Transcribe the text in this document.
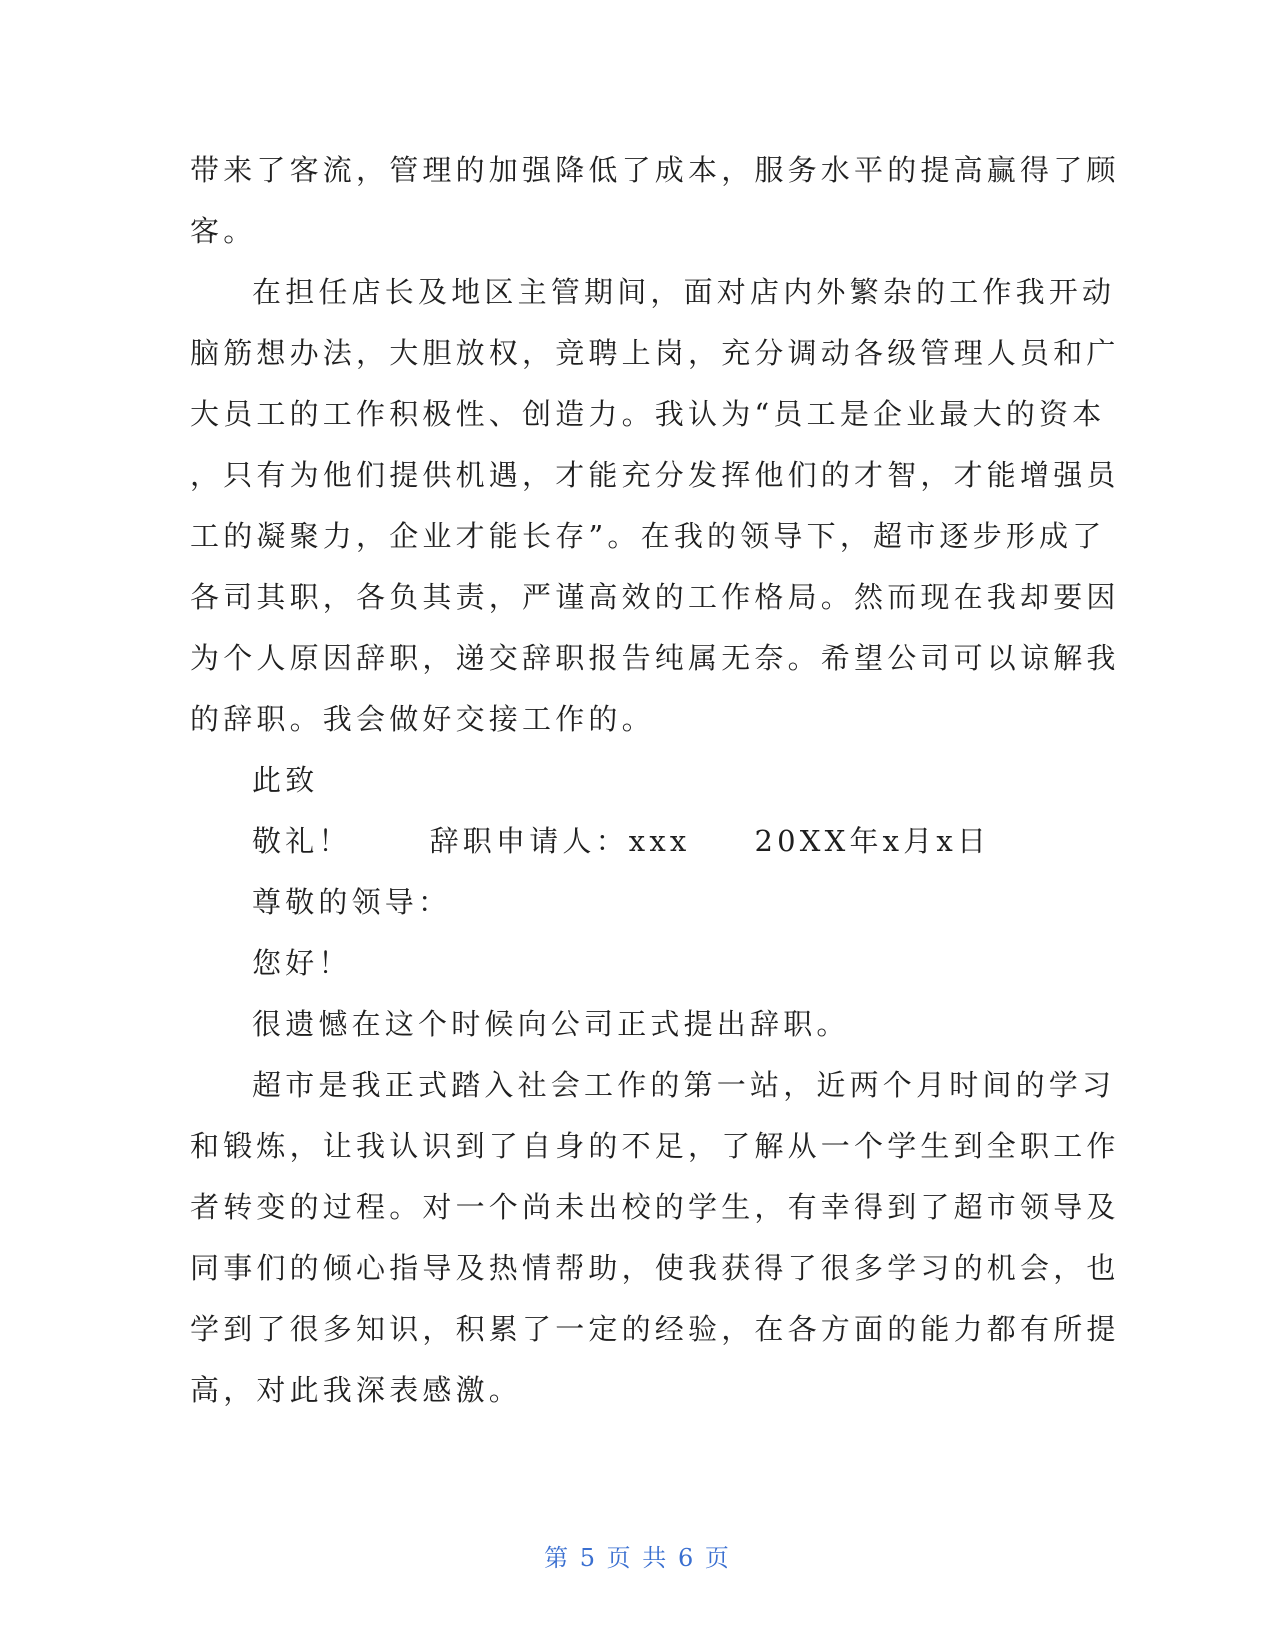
带来了客流，管理的加强降低了成本，服务水平的提高赢得了顾
客。
在担任店长及地区主管期间，面对店内外繁杂的工作我开动
脑筋想办法，大胆放权，竞聘上岗，充分调动各级管理人员和广
大员工的工作积极性、创造力。我认为“员工是企业最大的资本
，只有为他们提供机遇，才能充分发挥他们的才智，才能增强员
工的凝聚力，企业才能长存”。在我的领导下，超市逐步形成了
各司其职，各负其责，严谨高效的工作格局。然而现在我却要因
为个人原因辞职，递交辞职报告纯属无奈。希望公司可以谅解我
的辞职。我会做好交接工作的。
此致
敬礼！	辞职申请人：xxx 20XX年x月x日
尊敬的领导：
您好！
很遗憾在这个时候向公司正式提出辞职。
超市是我正式踏入社会工作的第一站，近两个月时间的学习
和锻炼，让我认识到了自身的不足，了解从一个学生到全职工作
者转变的过程。对一个尚未出校的学生，有幸得到了超市领导及
同事们的倾心指导及热情帮助，使我获得了很多学习的机会，也
学到了很多知识，积累了一定的经验，在各方面的能力都有所提
高，对此我深表感激。
第 5 页 共 6 页
